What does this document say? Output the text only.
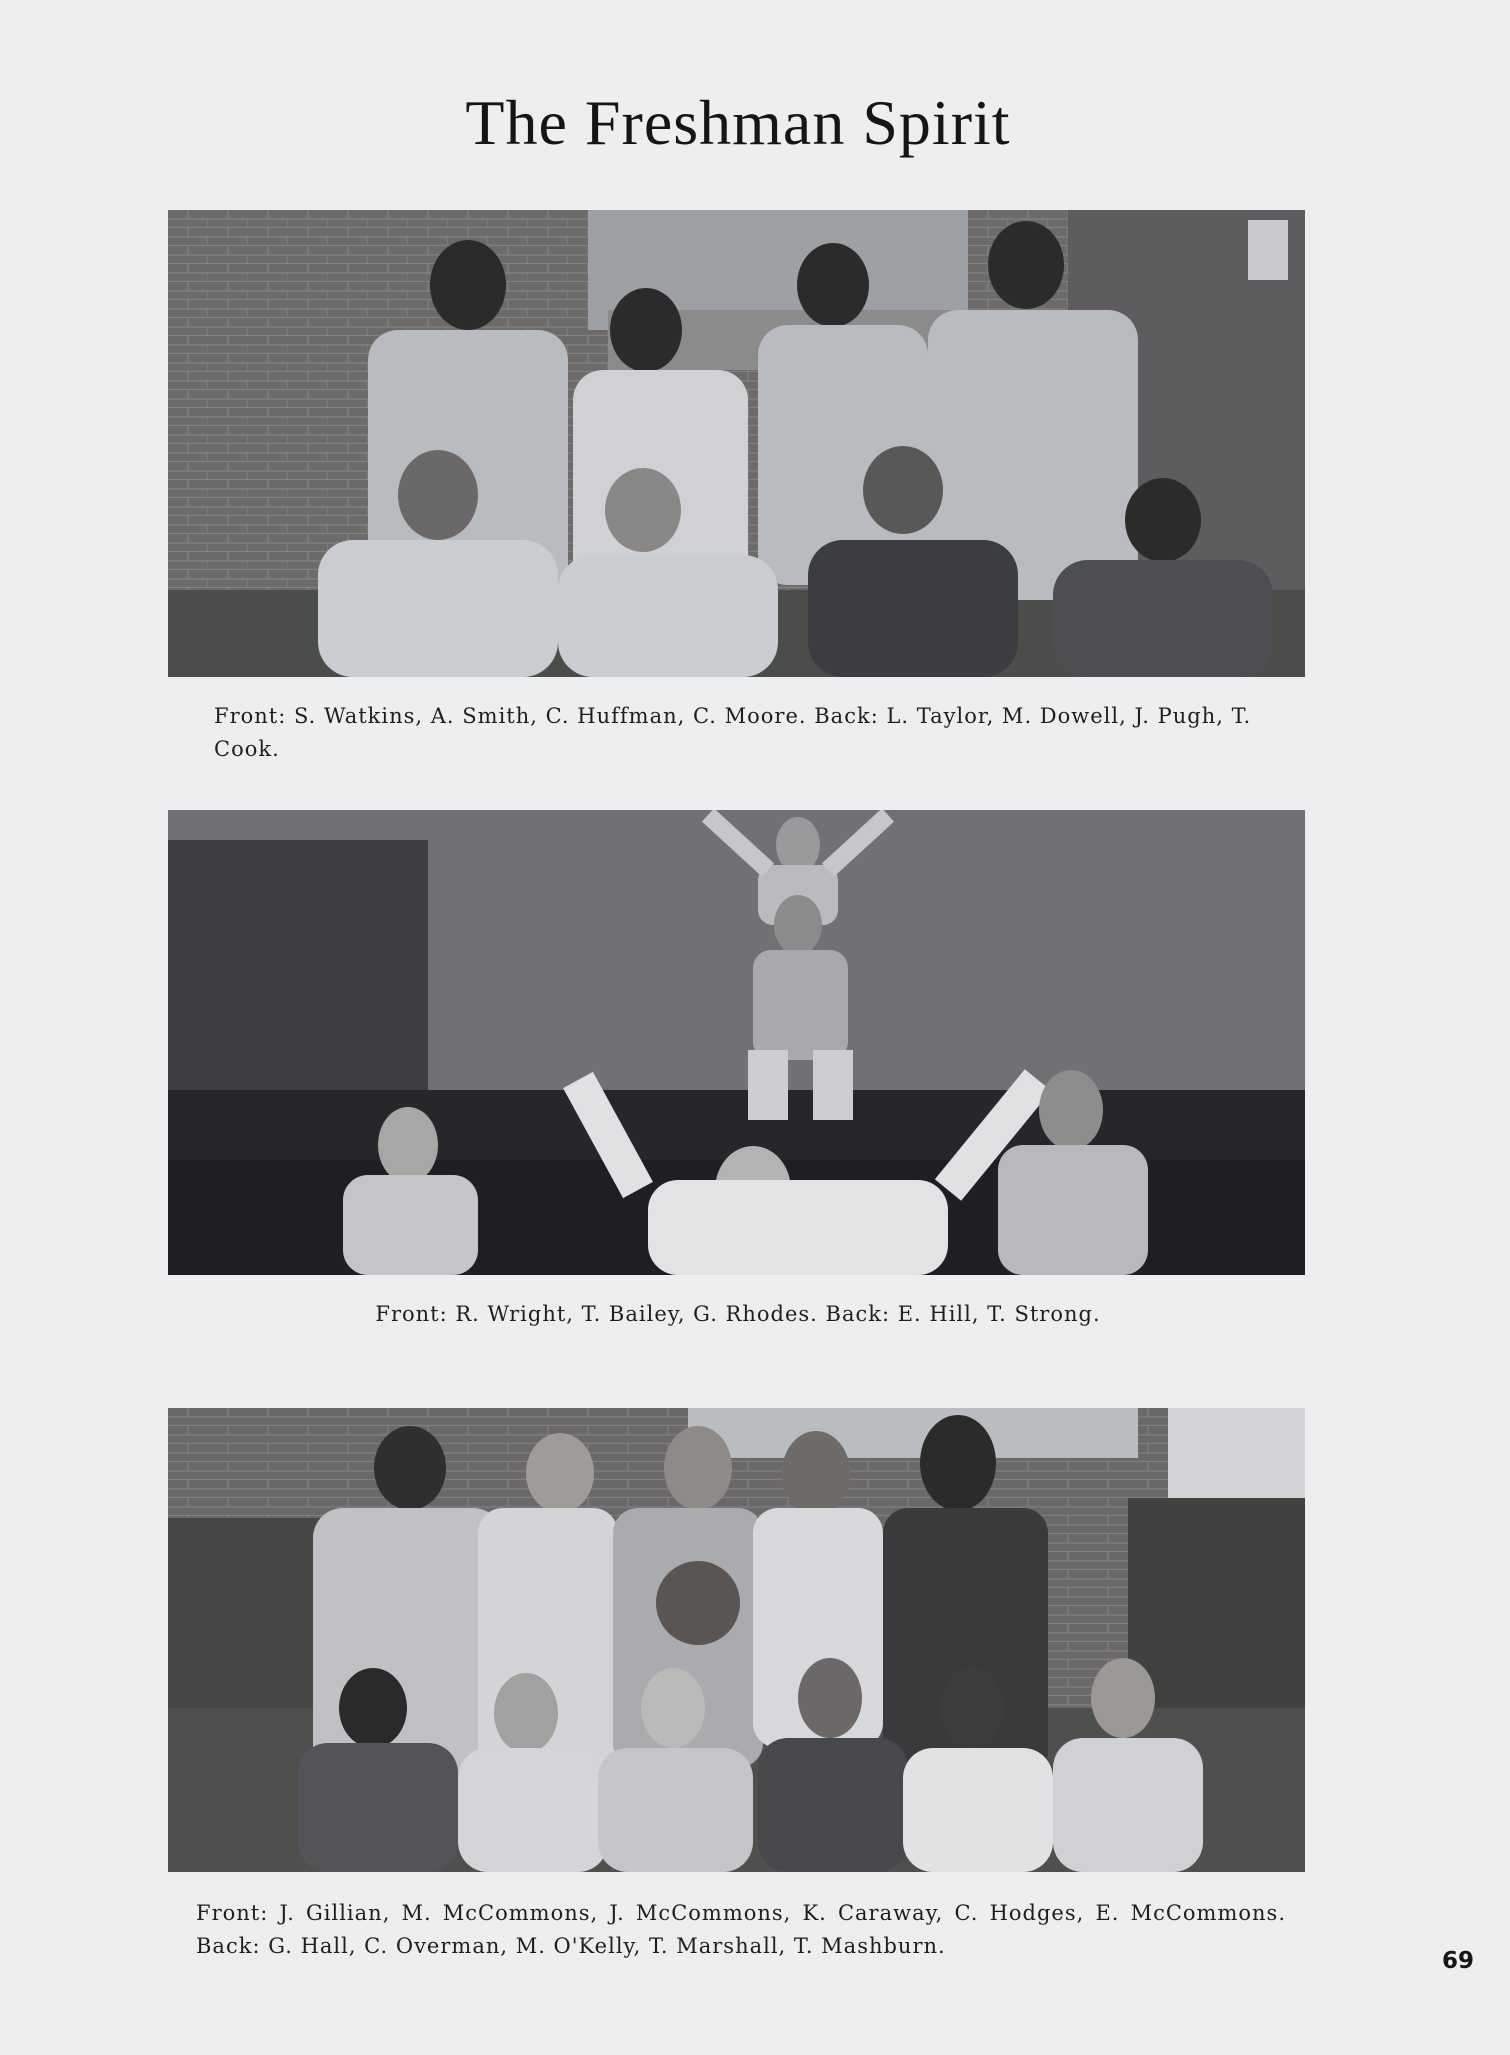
The Freshman Spirit
Front: S. Watkins, A. Smith, C. Huffman, C. Moore. Back: L. Taylor, M. Dowell, J. Pugh, T. Cook.
Front: R. Wright, T. Bailey, G. Rhodes. Back: E. Hill, T. Strong.
Front: J. Gillian, M. McCommons, J. McCommons, K. Caraway, C. Hodges, E. McCommons. Back: G. Hall, C. Overman, M. O'Kelly, T. Marshall, T. Mashburn.
69
